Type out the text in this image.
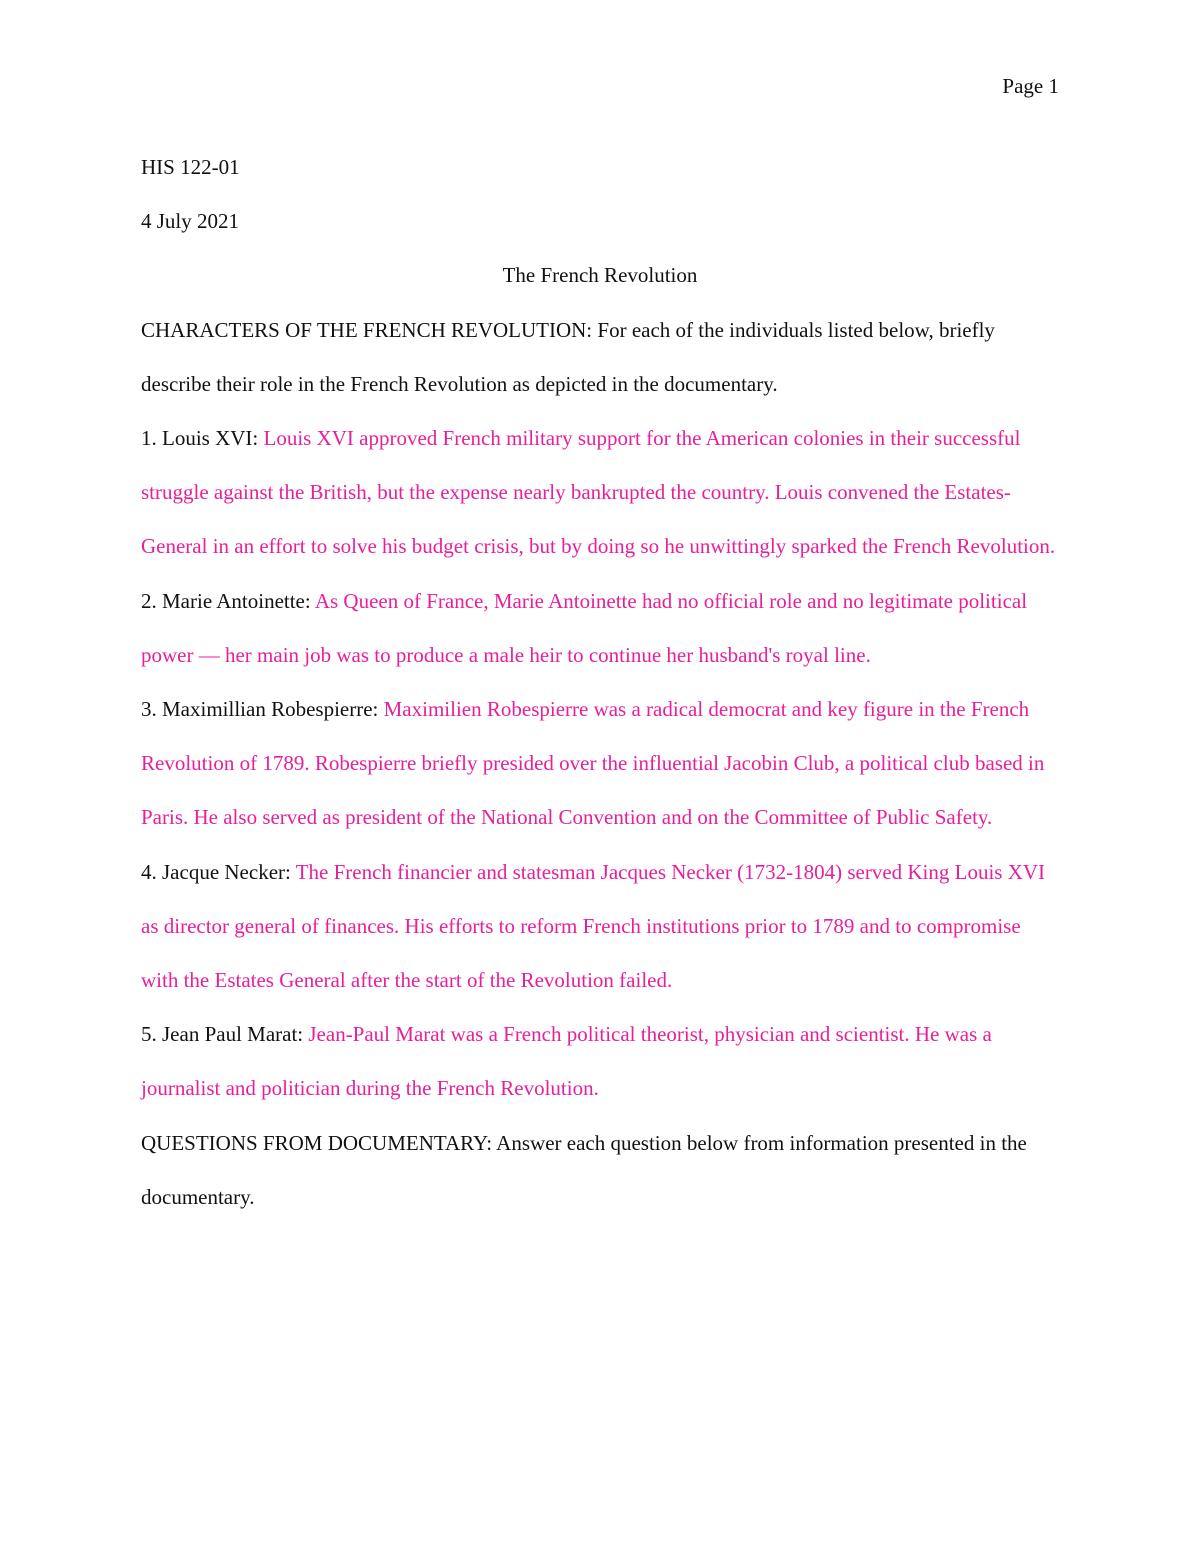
Page 1

HIS 122-01

4 July 2021

The French Revolution

CHARACTERS OF THE FRENCH REVOLUTION: For each of the individuals listed below, briefly describe their role in the French Revolution as depicted in the documentary.

1. Louis XVI: Louis XVI approved French military support for the American colonies in their successful struggle against the British, but the expense nearly bankrupted the country. Louis convened the Estates-General in an effort to solve his budget crisis, but by doing so he unwittingly sparked the French Revolution.

2. Marie Antoinette: As Queen of France, Marie Antoinette had no official role and no legitimate political power — her main job was to produce a male heir to continue her husband's royal line.

3. Maximillian Robespierre: Maximilien Robespierre was a radical democrat and key figure in the French Revolution of 1789. Robespierre briefly presided over the influential Jacobin Club, a political club based in Paris. He also served as president of the National Convention and on the Committee of Public Safety.

4. Jacque Necker: The French financier and statesman Jacques Necker (1732-1804) served King Louis XVI as director general of finances. His efforts to reform French institutions prior to 1789 and to compromise with the Estates General after the start of the Revolution failed.

5. Jean Paul Marat: Jean-Paul Marat was a French political theorist, physician and scientist. He was a journalist and politician during the French Revolution.

QUESTIONS FROM DOCUMENTARY: Answer each question below from information presented in the documentary.
